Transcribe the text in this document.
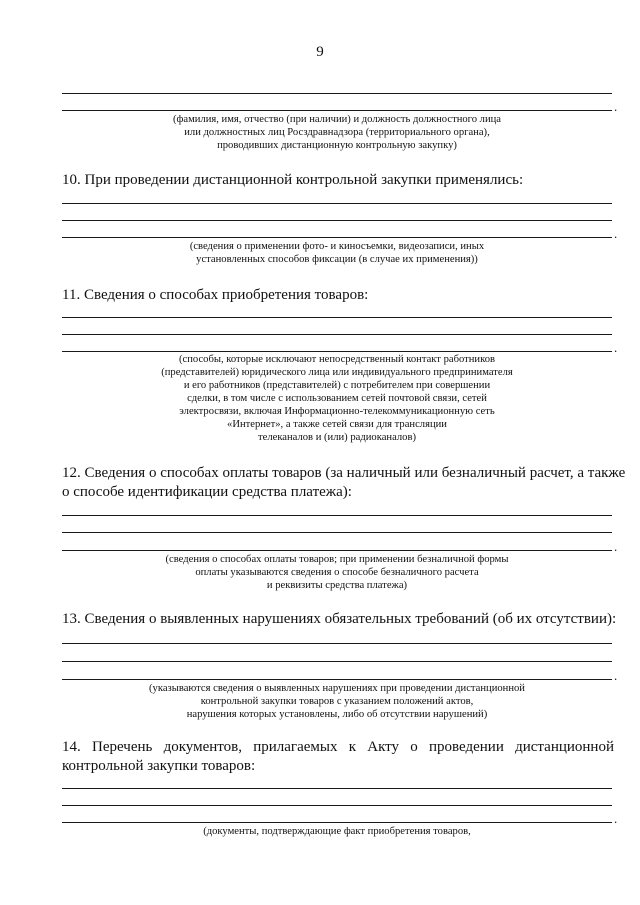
9
.
(фамилия, имя, отчество (при наличии) и должность должностного лица
или должностных лиц Росздравнадзора (территориального органа),
проводивших дистанционную контрольную закупку)
10. При проведении дистанционной контрольной закупки применялись:
.
(сведения о применении фото- и киносъемки, видеозаписи, иных
установленных способов фиксации (в случае их применения))
11. Сведения о способах приобретения товаров:
.
(способы, которые исключают непосредственный контакт работников
(представителей) юридического лица или индивидуального предпринимателя
и его работников (представителей) с потребителем при совершении
сделки, в том числе с использованием сетей почтовой связи, сетей
электросвязи, включая Информационно-телекоммуникационную сеть
«Интернет», а также сетей связи для трансляции
телеканалов и (или) радиоканалов)
12. Сведения о способах оплаты товаров (за наличный или безналичный расчет, а также
о способе идентификации средства платежа):
.
(сведения о способах оплаты товаров; при применении безналичной формы
оплаты указываются сведения о способе безналичного расчета
и реквизиты средства платежа)
13. Сведения о выявленных нарушениях обязательных требований (об их отсутствии):
.
(указываются сведения о выявленных нарушениях при проведении дистанционной
контрольной закупки товаров с указанием положений актов,
нарушения которых установлены, либо об отсутствии нарушений)
14. Перечень документов, прилагаемых к Акту о проведении дистанционной
контрольной закупки товаров:
.
(документы, подтверждающие факт приобретения товаров,
